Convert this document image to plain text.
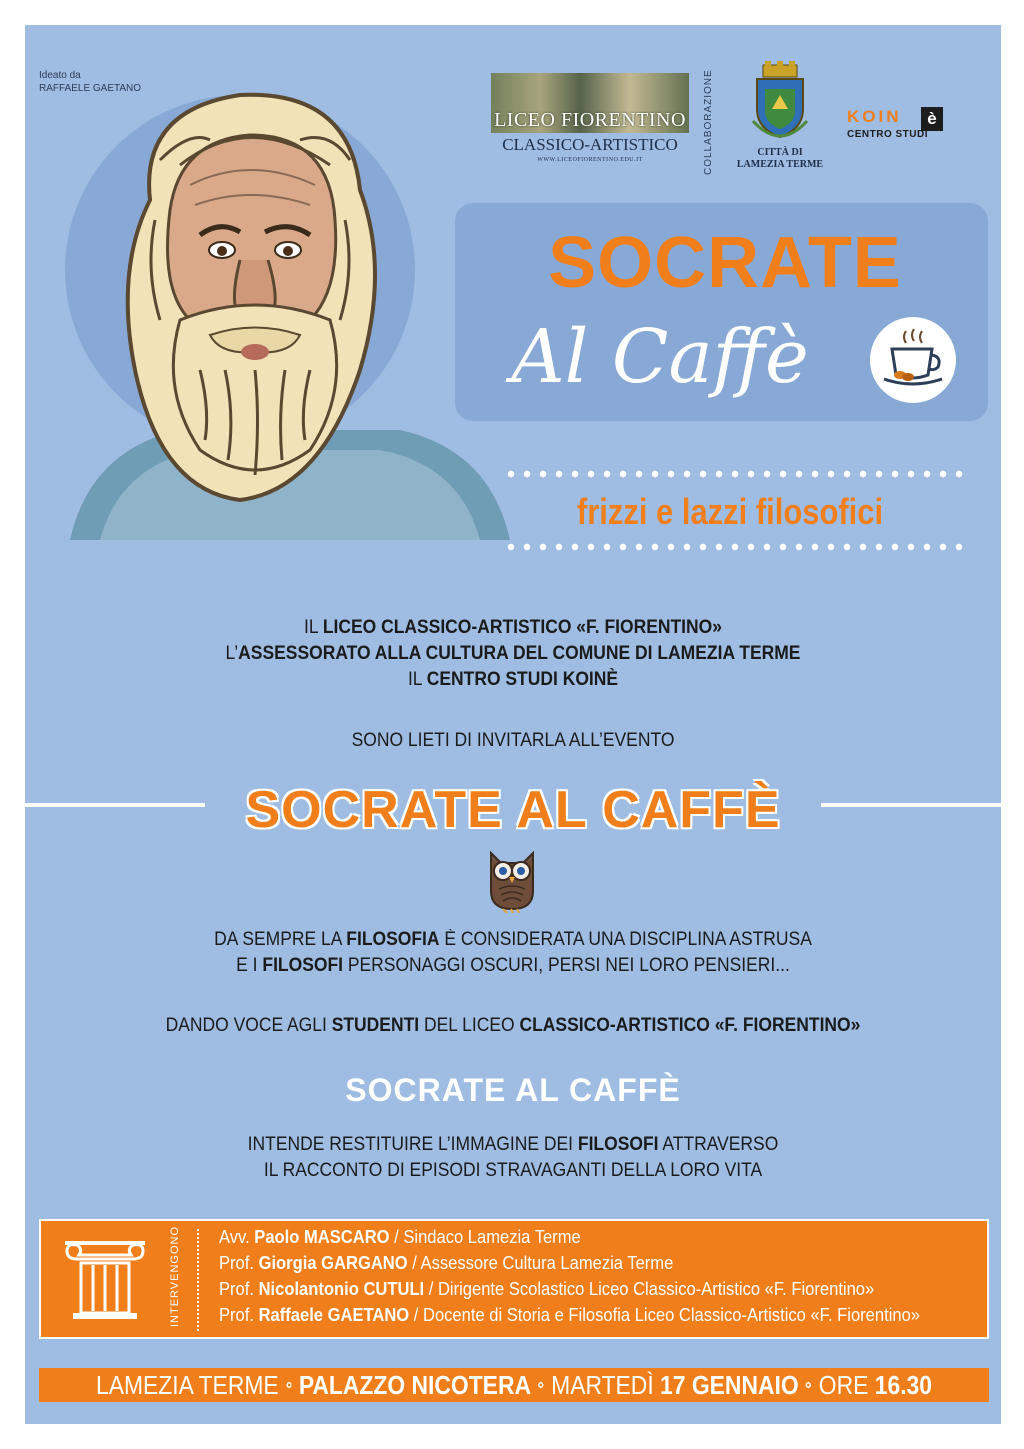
Ideato da
RAFFAELE GAETANO
LICEO FIORENTINO
CLASSICO-ARTISTICO
WWW.LICEOFIORENTINO.EDU.IT	COLLABORAZIONE	CITTÀ DI
LAMEZIA TERME
KOIN	è
CENTRO STUDI
SOCRATE
Al Caffè
frizzi e lazzi filosofici
IL LICEO CLASSICO-ARTISTICO «F. FIORENTINO»
L’ASSESSORATO ALLA CULTURA DEL COMUNE DI LAMEZIA TERME
IL CENTRO STUDI KOINÈ
SONO LIETI DI INVITARLA ALL’EVENTO
SOCRATE AL CAFFÈ
DA SEMPRE LA FILOSOFIA È CONSIDERATA UNA DISCIPLINA ASTRUSA
E I FILOSOFI PERSONAGGI OSCURI, PERSI NEI LORO PENSIERI...
DANDO VOCE AGLI STUDENTI DEL LICEO CLASSICO-ARTISTICO «F. FIORENTINO»
SOCRATE AL CAFFÈ
INTENDE RESTITUIRE L’IMMAGINE DEI FILOSOFI ATTRAVERSO
IL RACCONTO DI EPISODI STRAVAGANTI DELLA LORO VITA
INTERVENGONO Avv. Paolo MASCARO / Sindaco Lamezia Terme
Prof. Giorgia GARGANO / Assessore Cultura Lamezia Terme
Prof. Nicolantonio CUTULI / Dirigente Scolastico Liceo Classico-Artistico «F. Fiorentino»
Prof. Raffaele GAETANO / Docente di Storia e Filosofia Liceo Classico-Artistico «F. Fiorentino»
LAMEZIA TERME PALAZZO NICOTERA MARTEDÌ
17 GENNAIO ORE
16.30
